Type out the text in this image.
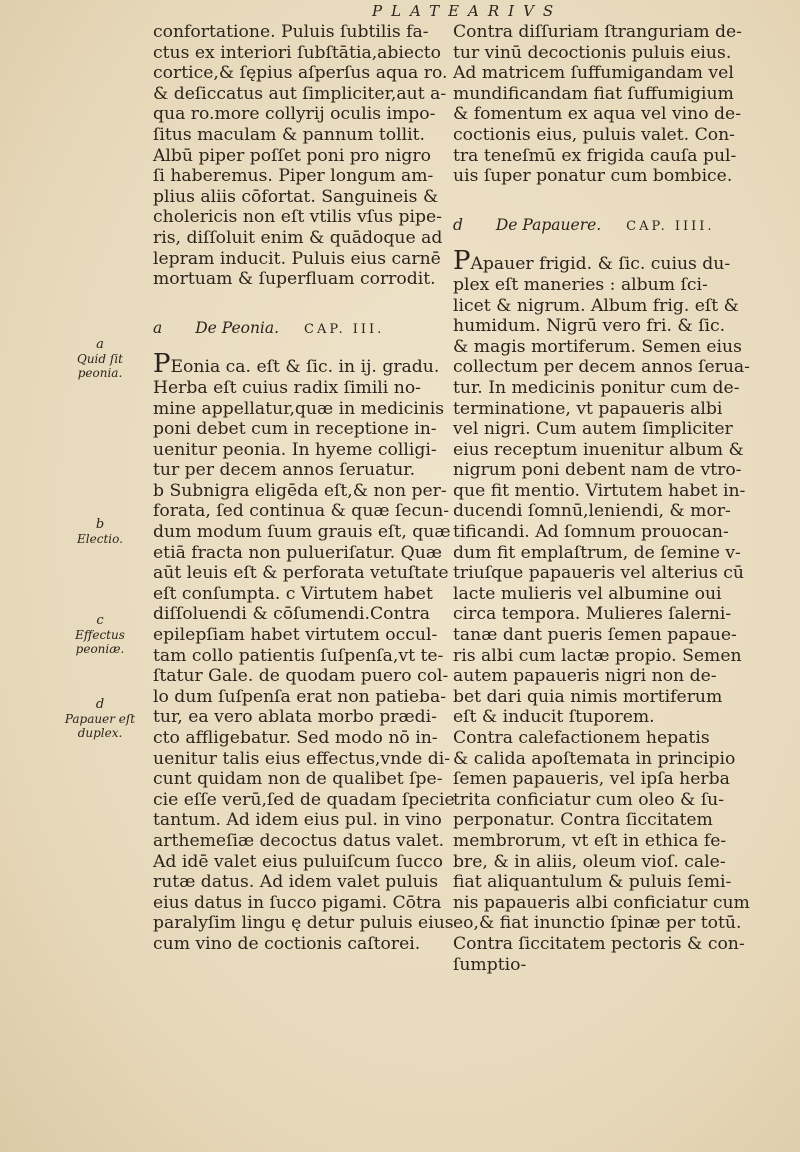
PLATEARIVS

confortatione. Puluis ſubtilis fa-

ctus ex interiori ſubſtātia,abiecto

cortice,& ſępius aſperſus aqua ro.

& deſiccatus aut ſimpliciter,aut a-

qua ro.more collyrij oculis impo-

ſitus maculam & pannum tollit.

Albū piper poſſet poni pro nigro

ſi haberemus. Piper longum am-

plius aliis cōfortat. Sanguineis &

cholericis non eſt vtilis vſus pipe-

ris, diſſoluit enim & quādoque ad

lepram inducit. Puluis eius carnē

mortuam & ſuperfluam corrodit.

a De Peonia. CAP. III.

PEonia ca. eſt & ſic. in ij. gradu.

Herba eſt cuius radix ſimili no-

mine appellatur,quæ in medicinis

poni debet cum in receptione in-

uenitur peonia. In hyeme colligi-

tur per decem annos ſeruatur.

b Subnigra eligēda eſt,& non per-

forata, ſed continua & quæ ſecun-

dum modum ſuum grauis eſt, quæ

etiā fracta non pulueriſatur. Quæ

aūt leuis eſt & perforata vetuſtate

eſt conſumpta. c Virtutem habet

diſſoluendi & cōſumendi.Contra

epilepſiam habet virtutem occul-

tam collo patientis ſuſpenſa,vt te-

ſtatur Gale. de quodam puero col-

lo dum ſuſpenſa erat non patieba-

tur, ea vero ablata morbo prædi-

cto affligebatur. Sed modo nō in-

uenitur talis eius effectus,vnde di-

cunt quidam non de qualibet ſpe-

cie eſſe verū,ſed de quadam ſpecie

tantum. Ad idem eius pul. in vino

arthemeſiæ decoctus datus valet.

Ad idē valet eius puluiſcum ſucco

rutæ datus. Ad idem valet puluis

eius datus in ſucco pigami. Cōtra

paralyſim lingu ę detur puluis eius

cum vino de coctionis caſtorei.

Contra diſſuriam ſtranguriam de-

tur vinū decoctionis puluis eius.

Ad matricem ſuffumigandam vel

mundificandam fiat ſuffumigium

& fomentum ex aqua vel vino de-

coctionis eius, puluis valet. Con-

tra teneſmū ex frigida cauſa pul-

uis ſuper ponatur cum bombice.

d De Papauere. CAP. IIII.

PApauer frigid. & ſic. cuius du-

plex eſt maneries : album ſci-

licet & nigrum. Album frig. eſt &

humidum. Nigrū vero fri. & ſic.

& magis mortiferum. Semen eius

collectum per decem annos ſerua-

tur. In medicinis ponitur cum de-

terminatione, vt papaueris albi

vel nigri. Cum autem ſimpliciter

eius receptum inuenitur album &

nigrum poni debent nam de vtro-

que fit mentio. Virtutem habet in-

ducendi ſomnū,leniendi, & mor-

tificandi. Ad ſomnum prouocan-

dum fit emplaſtrum, de ſemine v-

triuſque papaueris vel alterius cū

lacte mulieris vel albumine oui

circa tempora. Mulieres ſalerni-

tanæ dant pueris ſemen papaue-

ris albi cum lactæ propio. Semen

autem papaueris nigri non de-

bet dari quia nimis mortiferum

eſt & inducit ſtuporem.

Contra calefactionem hepatis

& calida apoſtemata in principio

ſemen papaueris, vel ipſa herba

trita conficiatur cum oleo & ſu-

perponatur. Contra ſiccitatem

membrorum, vt eſt in ethica fe-

bre, & in aliis, oleum vioſ. cale-

fiat aliquantulum & puluis ſemi-

nis papaueris albi conficiatur cum

eo,& fiat inunctio ſpinæ per totū.

Contra ſiccitatem pectoris & con-

ſumptio-

a
Quid ſit peonia.
b
Electio.
c
Effectus peoniæ.
d
Papauer eſt duplex.
